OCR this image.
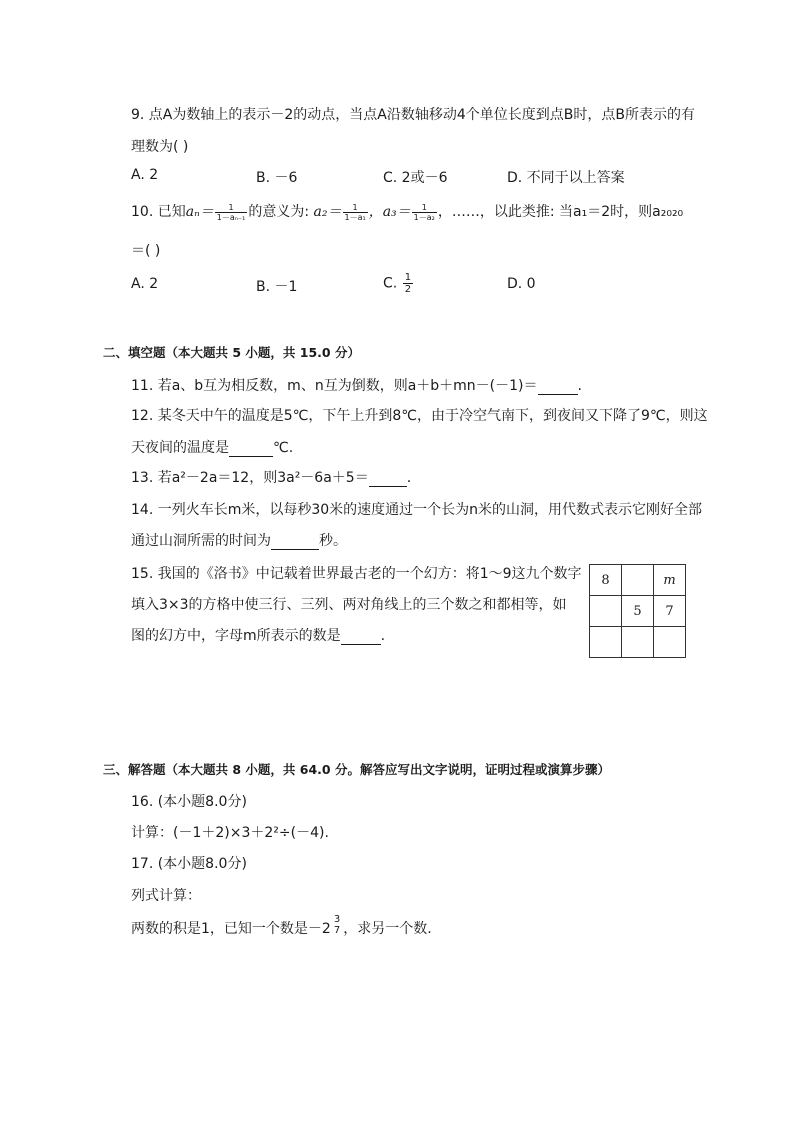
9. 点A为数轴上的表示－2的动点，当点A沿数轴移动4个单位长度到点B时，点B所表示的有
理数为( )
A. 2	B. －6	C. 2或－6	D. 不同于以上答案
10. 已知$a_n= \frac{1}{\text{1－aₙ₋₁}}$ 的意义为: $a_2= \frac{1}{\text{1－a₁}}$ ，$a_3= \frac{1}{\text{1－a₂}}$ ，……，以此类推: 当a₁＝2时，则a₂₀₂₀
＝( )
A. 2	B. －1	C. $\frac{1}{2}$	D. 0
二、填空题（本大题共 5 小题，共 15.0 分）
11. 若a、b互为相反数，m、n互为倒数，则a＋b＋mn－(－1)＝	.
12. 某冬天中午的温度是5℃，下午上升到8℃，由于冷空气南下，到夜间又下降了9℃，则这
天夜间的温度是	℃.
13. 若a²－2a＝12，则3a²－6a＋5＝	.
14. 一列火车长m米，以每秒30米的速度通过一个长为n米的山洞，用代数式表示它刚好全部
通过山洞所需的时间为	秒。
15. 我国的《洛书》中记载着世界最古老的一个幻方：将1～9这九个数字
填入3×3的方格中使三行、三列、两对角线上的三个数之和都相等，如
图的幻方中，字母m所表示的数是	.
8		m
	5	7

三、解答题（本大题共 8 小题，共 64.0 分。解答应写出文字说明，证明过程或演算步骤）
16. (本小题8.0分)
计算：(－1＋2)×3＋2²÷(－4).
17. (本小题8.0分)
列式计算：
两数的积是1，已知一个数是－2
3
7 ，求另一个数.
